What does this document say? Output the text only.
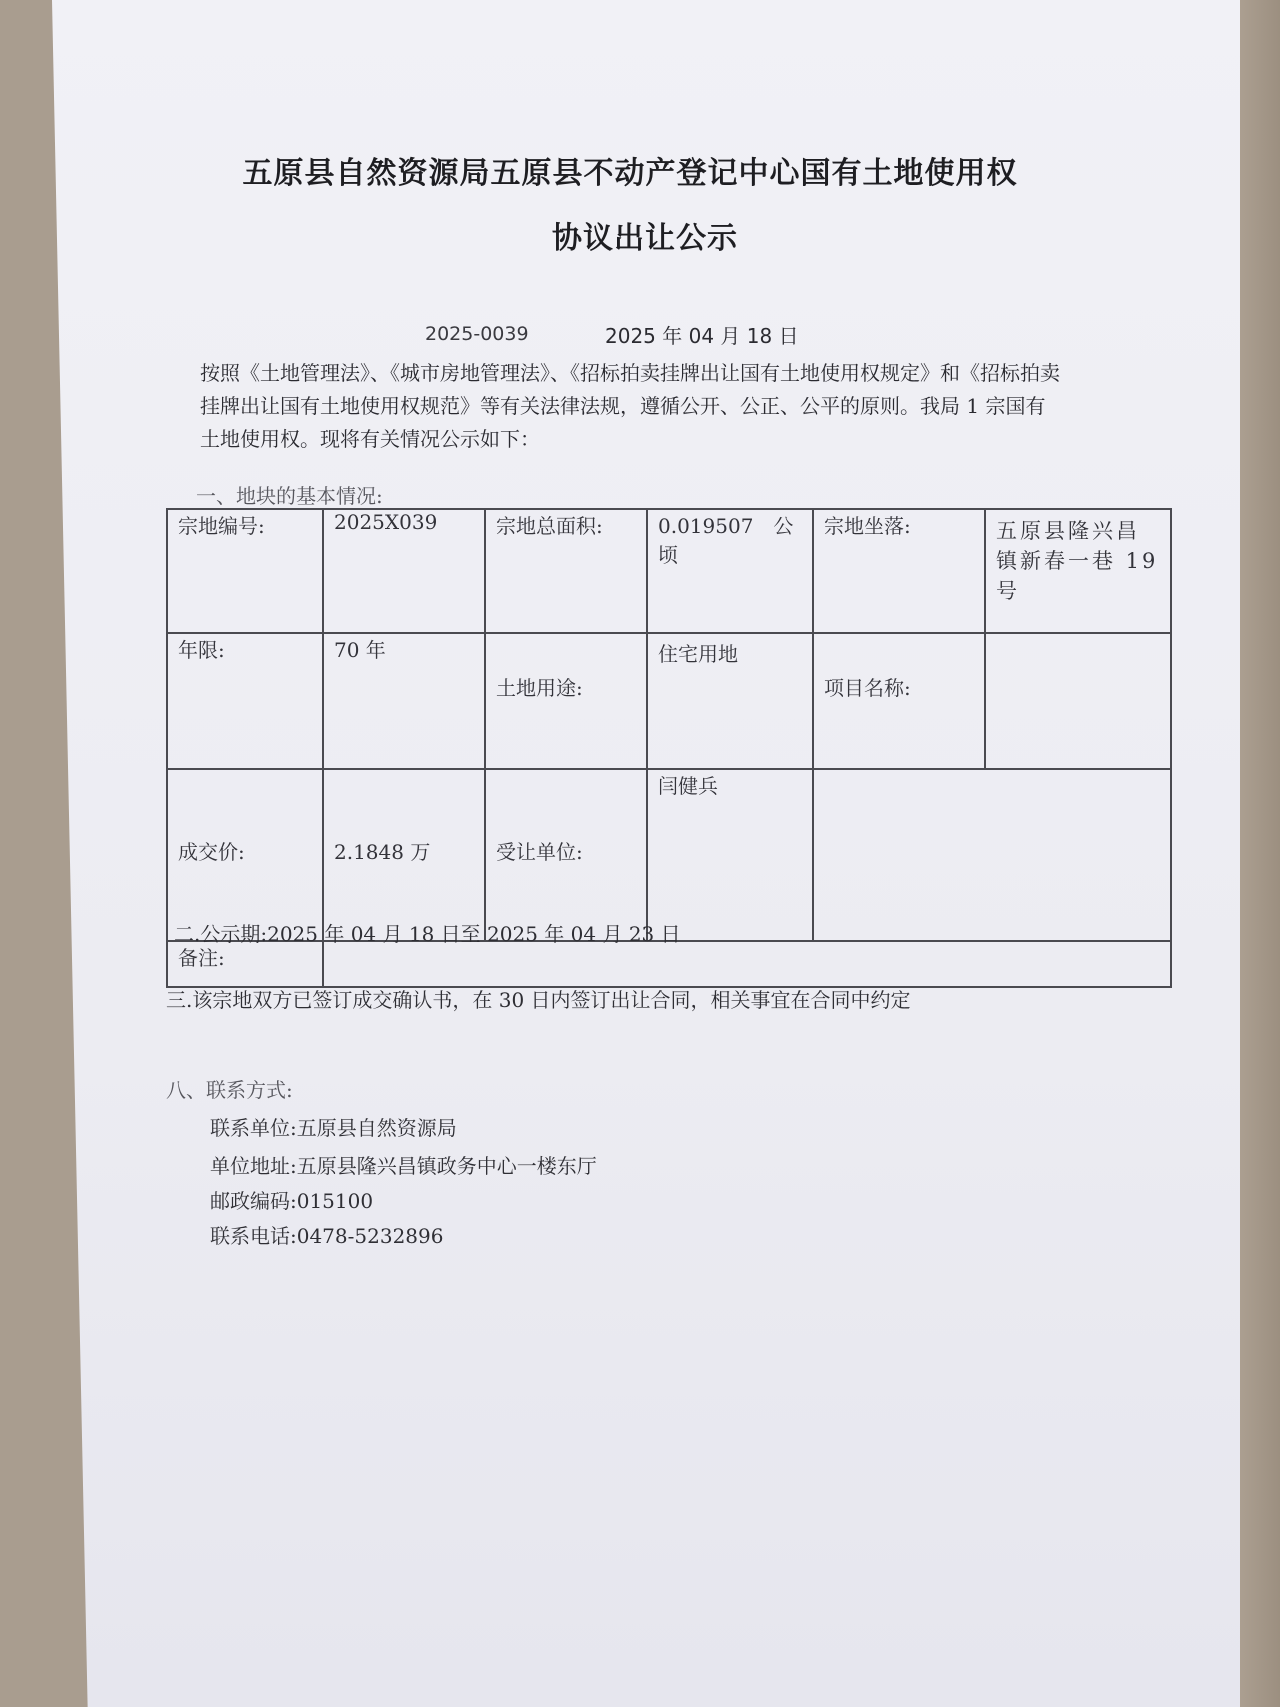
五原县自然资源局五原县不动产登记中心国有土地使用权
协议出让公示
2025-0039	2025 年 04 月 18 日
按照《土地管理法》、《城市房地管理法》、《招标拍卖挂牌出让国有土地使用权规定》和《招标拍卖挂牌出让国有土地使用权规范》等有关法律法规，遵循公开、公正、公平的原则。我局 1 宗国有土地使用权。现将有关情况公示如下：
一、地块的基本情况:
宗地编号:	2025X039	宗地总面积:	0.019507　公顷	宗地坐落:	五原县隆兴昌镇新春一巷 19 号
年限:	70 年	土地用途:	住宅用地	项目名称:	
成交价:	2.1848 万	受让单位:	闫健兵		
备注:					
二.公示期:2025 年 04 月 18 日至 2025 年 04 月 23 日
三.该宗地双方已签订成交确认书，在 30 日内签订出让合同，相关事宜在合同中约定
八、联系方式:
联系单位:五原县自然资源局
单位地址:五原县隆兴昌镇政务中心一楼东厅
邮政编码:015100
联系电话:0478-5232896
